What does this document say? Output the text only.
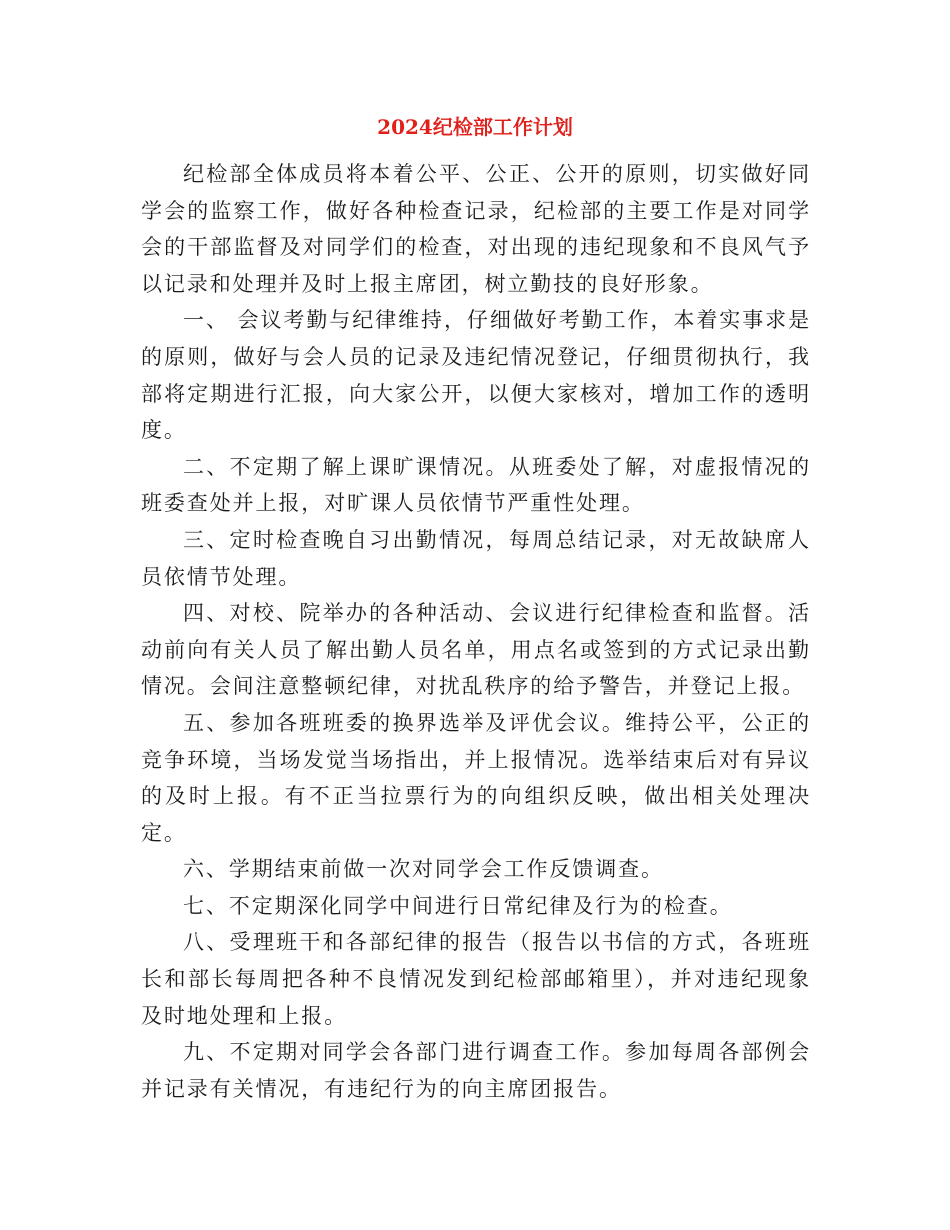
2024纪检部工作计划

纪检部全体成员将本着公平、公正、公开的原则，切实做好同学会的监察工作，做好各种检查记录，纪检部的主要工作是对同学会的干部监督及对同学们的检查，对出现的违纪现象和不良风气予以记录和处理并及时上报主席团，树立勤技的良好形象。

一、 会议考勤与纪律维持，仔细做好考勤工作，本着实事求是的原则，做好与会人员的记录及违纪情况登记，仔细贯彻执行，我部将定期进行汇报，向大家公开，以便大家核对，增加工作的透明度。

二、不定期了解上课旷课情况。从班委处了解，对虚报情况的班委查处并上报，对旷课人员依情节严重性处理。

三、定时检查晚自习出勤情况，每周总结记录，对无故缺席人员依情节处理。

四、对校、院举办的各种活动、会议进行纪律检查和监督。活动前向有关人员了解出勤人员名单，用点名或签到的方式记录出勤情况。会间注意整顿纪律，对扰乱秩序的给予警告，并登记上报。

五、参加各班班委的换界选举及评优会议。维持公平，公正的竞争环境，当场发觉当场指出，并上报情况。选举结束后对有异议的及时上报。有不正当拉票行为的向组织反映，做出相关处理决定。

六、学期结束前做一次对同学会工作反馈调查。

七、不定期深化同学中间进行日常纪律及行为的检查。

八、受理班干和各部纪律的报告（报告以书信的方式，各班班长和部长每周把各种不良情况发到纪检部邮箱里），并对违纪现象及时地处理和上报。

九、不定期对同学会各部门进行调查工作。参加每周各部例会并记录有关情况，有违纪行为的向主席团报告。
